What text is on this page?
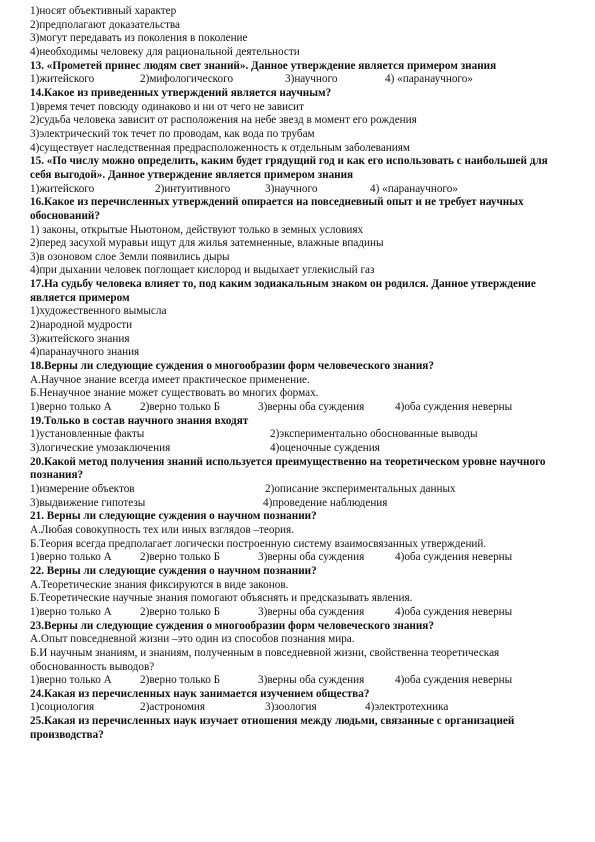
1)носят объективный характер
2)предполагают доказательства
3)могут передавать из поколения в поколение
4)необходимы человеку для рациональной деятельности
13. «Прометей принес людям свет знаний». Данное утверждение является примером знания
1)житейского	2)мифологического	3)научного	4) «паранаучного»
14.Какое из приведенных утверждений является научным?
1)время течет повсюду одинаково и ни от чего не зависит
2)судьба человека зависит от расположения на небе звезд в момент его рождения
3)электрический ток течет по проводам, как вода по трубам
4)существует наследственная предрасположенность к отдельным заболеваниям
15. «По числу можно определить, каким будет грядущий год и как его использовать с наибольшей для
себя выгодой». Данное утверждение является примером знания
1)житейского	2)интуитивного	3)научного	4) «паранаучного»
16.Какое из перечисленных утверждений опирается на повседневный опыт и не требует научных
обоснований?
1) законы, открытые Ньютоном, действуют только в земных условиях
2)перед засухой муравьи ищут для жилья затемненные, влажные впадины
3)в озоновом слое Земли появились дыры
4)при дыхании человек поглощает кислород и выдыхает углекислый газ
17.На судьбу человека влияет то, под каким зодиакальным знаком он родился. Данное утверждение
является примером
1)художественного вымысла
2)народной мудрости
3)житейского знания
4)паранаучного знания
18.Верны ли следующие суждения о многообразии форм человеческого знания?
А.Научное знание всегда имеет практическое применение.
Б.Ненаучное знание может существовать во многих формах.
1)верно только А	2)верно только Б	3)верны оба суждения	4)оба суждения неверны
19.Только в состав научного знания входят
1)установленные факты	2)экспериментально обоснованные выводы
3)логические умозаключения	4)оценочные суждения
20.Какой метод получения знаний используется преимущественно на теоретическом уровне научного
познания?
1)измерение объектов	2)описание экспериментальных данных
3)выдвижение гипотезы	4)проведение наблюдения
21. Верны ли следующие суждения о научном познании?
А.Любая совокупность тех или иных взглядов –теория.
Б.Теория всегда предполагает логически построенную систему взаимосвязанных утверждений.
1)верно только А	2)верно только Б	3)верны оба суждения	4)оба суждения неверны
22. Верны ли следующие суждения о научном познании?
А.Теоретические знания фиксируются в виде законов.
Б.Теоретические научные знания помогают объяснять и предсказывать явления.
1)верно только А	2)верно только Б	3)верны оба суждения	4)оба суждения неверны
23.Верны ли следующие суждения о многообразии форм человеческого знания?
А.Опыт повседневной жизни –это один из способов познания мира.
Б.И научным знаниям, и знаниям, полученным в повседневной жизни, свойственна теоретическая
обоснованность выводов?
1)верно только А	2)верно только Б	3)верны оба суждения	4)оба суждения неверны
24.Какая из перечисленных наук занимается изучением общества?
1)социология	2)астрономия	3)зоология	4)электротехника
25.Какая из перечисленных наук изучает отношения между людьми, связанные с организацией
производства?
